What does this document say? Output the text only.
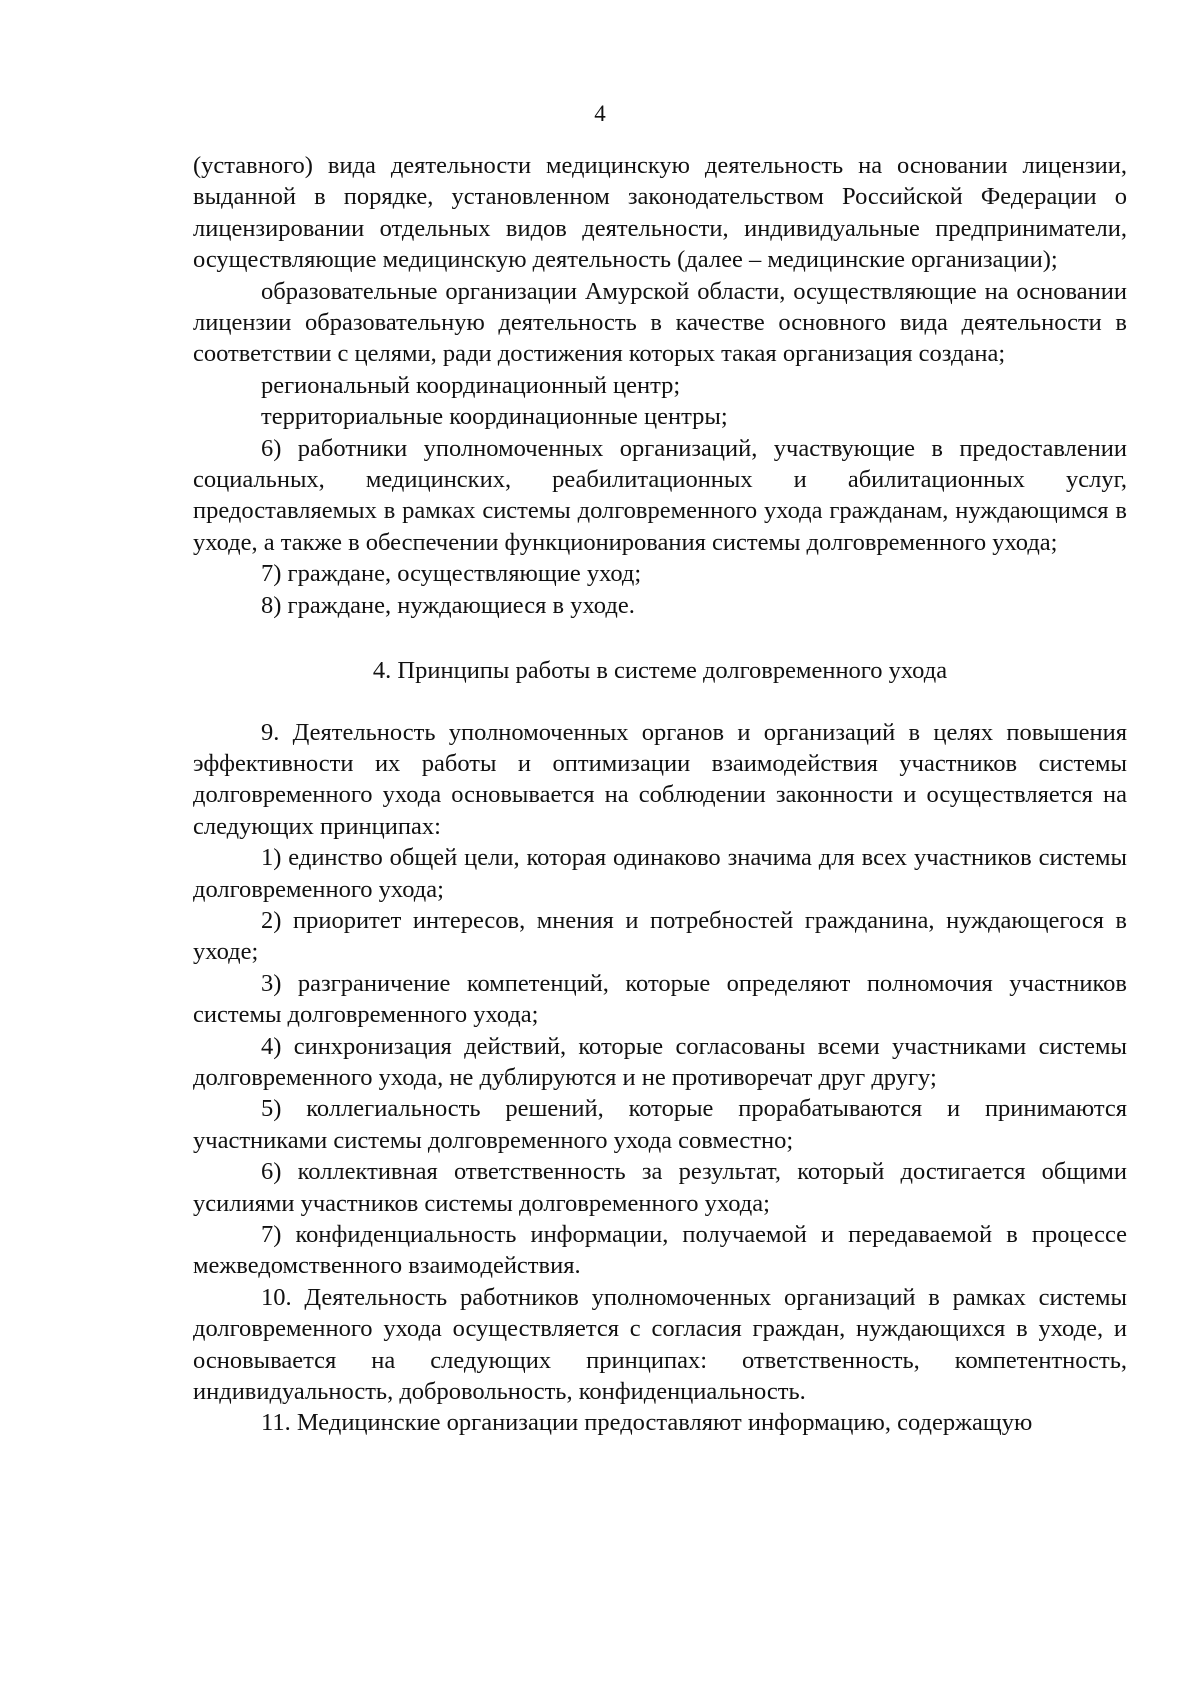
4

(уставного) вида деятельности медицинскую деятельность на основании лицензии, выданной в порядке, установленном законодательством Российской Федерации о лицензировании отдельных видов деятельности, индивидуальные предприниматели, осуществляющие медицинскую деятельность (далее – медицинские организации);

образовательные организации Амурской области, осуществляющие на основании лицензии образовательную деятельность в качестве основного вида деятельности в соответствии с целями, ради достижения которых такая организация создана;

региональный координационный центр;

территориальные координационные центры;

6) работники уполномоченных организаций, участвующие в предоставлении социальных, медицинских, реабилитационных и абилитационных услуг, предоставляемых в рамках системы долговременного ухода гражданам, нуждающимся в уходе, а также в обеспечении функционирования системы долговременного ухода;

7) граждане, осуществляющие уход;

8) граждане, нуждающиеся в уходе.

4. Принципы работы в системе долговременного ухода

9. Деятельность уполномоченных органов и организаций в целях повышения эффективности их работы и оптимизации взаимодействия участников системы долговременного ухода основывается на соблюдении законности и осуществляется на следующих принципах:

1) единство общей цели, которая одинаково значима для всех участников системы долговременного ухода;

2) приоритет интересов, мнения и потребностей гражданина, нуждающегося в уходе;

3) разграничение компетенций, которые определяют полномочия участников системы долговременного ухода;

4) синхронизация действий, которые согласованы всеми участниками системы долговременного ухода, не дублируются и не противоречат друг другу;

5) коллегиальность решений, которые прорабатываются и принимаются участниками системы долговременного ухода совместно;

6) коллективная ответственность за результат, который достигается общими усилиями участников системы долговременного ухода;

7) конфиденциальность информации, получаемой и передаваемой в процессе межведомственного взаимодействия.

10. Деятельность работников уполномоченных организаций в рамках системы долговременного ухода осуществляется с согласия граждан, нуждающихся в уходе, и основывается на следующих принципах: ответственность, компетентность, индивидуальность, добровольность, конфиденциальность.

11. Медицинские организации предоставляют информацию, содержащую
